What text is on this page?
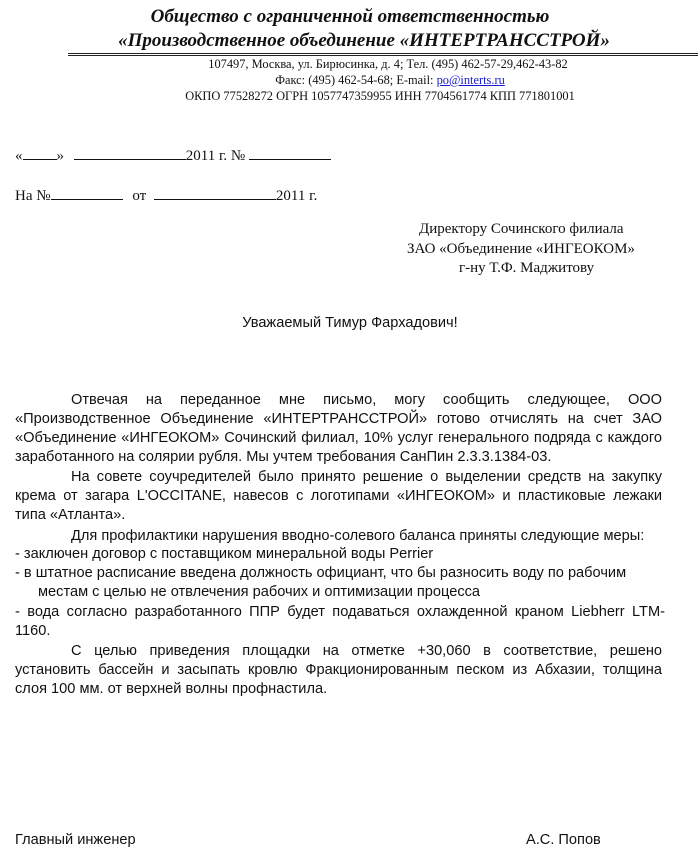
Общество с ограниченной ответственностью
«Производственное объединение «ИНТЕРТРАНССТРОЙ»
107497, Москва, ул. Бирюсинка, д. 4; Тел. (495) 462-57-29,462-43-82
Факс: (495) 462-54-68; E-mail: po@interts.ru
ОКПО 77528272 ОГРН 1057747359955 ИНН 7704561774 КПП 771801001
« »	2011 г. №
На №	от	2011 г.
Директору Сочинского филиала
ЗАО «Объединение «ИНГЕОКОМ»
г-ну Т.Ф. Маджитову
Уважаемый Тимур Фархадович!
Отвечая на переданное мне письмо, могу сообщить следующее, ООО «Производственное Объединение «ИНТЕРТРАНССТРОЙ» готово отчислять на счет ЗАО «Объединение «ИНГЕОКОМ» Сочинский филиал, 10% услуг генерального подряда с каждого заработанного на солярии рубля. Мы учтем требования СанПин 2.3.3.1384-03.
На совете соучредителей было принято решение о выделении средств на закупку крема от загара L'OCCITANE, навесов с логотипами «ИНГЕОКОМ» и пластиковые лежаки типа «Атланта».
Для профилактики нарушения вводно-солевого баланса приняты следующие меры:
- заключен договор с поставщиком минеральной воды Perrier
- в штатное расписание введена должность официант, что бы разносить воду по рабочим
местам с целью не отвлечения рабочих и оптимизации процесса
- вода согласно разработанного ППР будет подаваться охлажденной краном Liebherr LTM-1160.
С целью приведения площадки на отметке +30,060 в соответствие, решено установить бассейн и засыпать кровлю Фракционированным песком из Абхазии, толщина слоя 100 мм. от верхней волны профнастила.
Главный инженер	А.С. Попов
